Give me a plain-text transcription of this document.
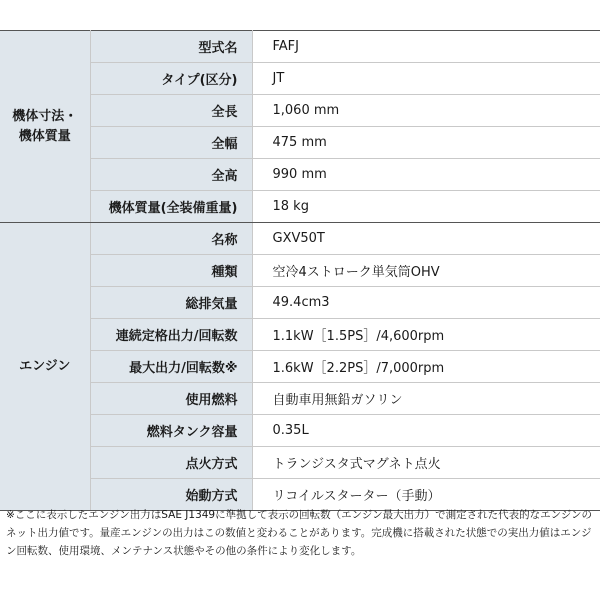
機体寸法・
機体質量	型式名	FAFJ
	タイプ(区分)	JT
	全長	1,060 mm
	全幅	475 mm
	全高	990 mm
	機体質量(全装備重量)	18 kg
エンジン	名称	GXV50T
	種類	空冷4ストローク単気筒OHV
	総排気量	49.4cm3
	連続定格出力/回転数	1.1kW［1.5PS］/4,600rpm
	最大出力/回転数※	1.6kW［2.2PS］/7,000rpm
	使用燃料	自動車用無鉛ガソリン
	燃料タンク容量	0.35L
	点火方式	トランジスタ式マグネト点火
	始動方式	リコイルスターター（手動）

※ここに表示したエンジン出力はSAE J1349に準拠して表示の回転数（エンジン最大出力）で測定された代表的なエンジンのネット出力値です。量産エンジンの出力はこの数値と変わることがあります。完成機に搭載された状態での実出力値はエンジン回転数、使用環境、メンテナンス状態やその他の条件により変化します。
